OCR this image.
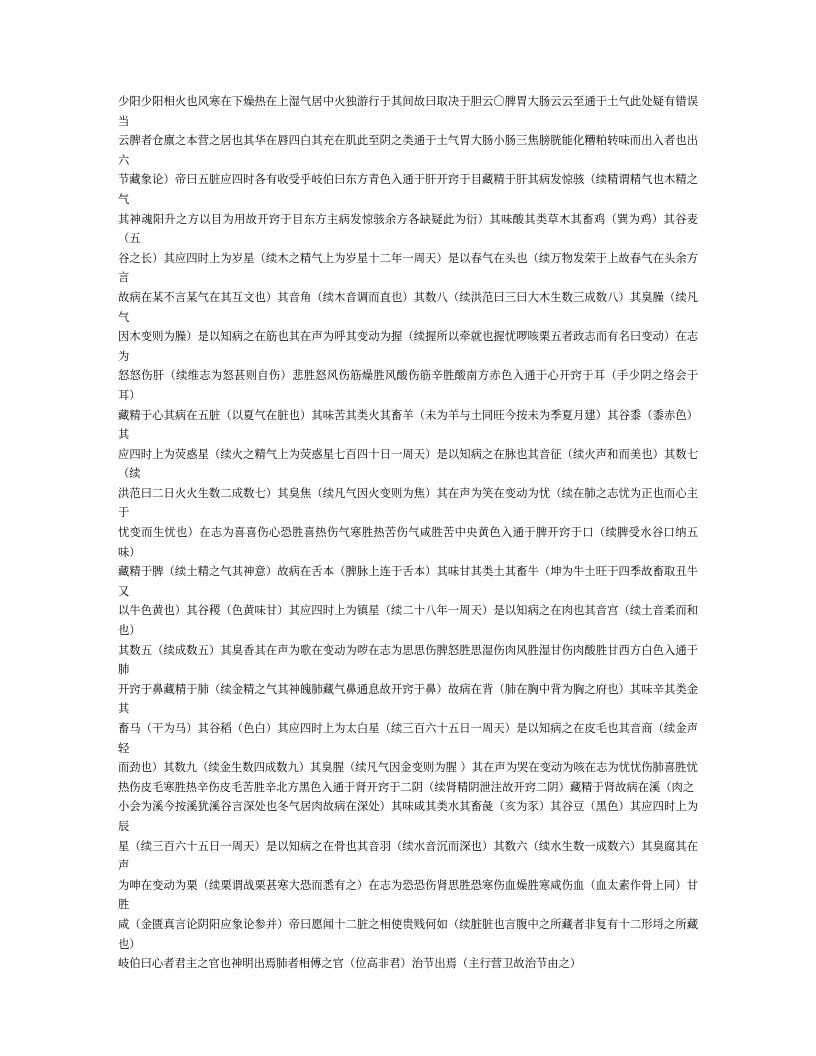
少阳少阳相火也风寒在下燥热在上湿气居中火独游行于其间故曰取决于胆云〇脾胃大肠云云至通于土气此处疑有错误当

云脾者仓廪之本营之居也其华在唇四白其充在肌此至阴之类通于土气胃大肠小肠三焦膀胱能化糟粕转味而出入者也出六

节藏象论）帝曰五脏应四时各有收受乎岐伯曰东方青色入通于肝开窍于目藏精于肝其病发惊骇（续精谓精气也木精之气

其神魂阳升之方以目为用故开窍于目东方主病发惊骇余方各缺疑此为衍）其味酸其类草木其畜鸡（巽为鸡）其谷麦（五

谷之长）其应四时上为岁星（续木之精气上为岁星十二年一周天）是以春气在头也（续万物发荣于上故春气在头余方言

故病在某不言某气在其互文也）其音角（续木音调而直也）其数八（续洪范曰三曰大木生数三成数八）其臭臊（续凡气

因木变则为臊）是以知病之在筋也其在声为呼其变动为握（续握所以牵就也握忧啰咳栗五者政志而有名曰变动）在志为

怒怒伤肝（续维志为怒甚则自伤）悲胜怒风伤筋燥胜风酸伤筋辛胜酸南方赤色入通于心开窍于耳（手少阴之络会于耳）

藏精于心其病在五脏（以夏气在脏也）其味苦其类火其畜羊（未为羊与土同旺今按未为季夏月建）其谷黍（黍赤色）其

应四时上为荧惑星（续火之精气上为荧惑星七百四十日一周天）是以知病之在脉也其音征（续火声和而美也）其数七（续

洪范曰二日火火生数二成数七）其臭焦（续凡气因火变则为焦）其在声为笑在变动为忧（续在肺之志忧为正也而心主于

忧变而生忧也）在志为喜喜伤心恐胜喜热伤气寒胜热苦伤气咸胜苦中央黄色入通于脾开窍于口（续脾受水谷口纳五味）

藏精于脾（续土精之气其神意）故病在舌本（脾脉上连于舌本）其味甘其类土其畜牛（坤为牛土旺于四季故畜取丑牛又

以牛色黄也）其谷稷（色黄味甘）其应四时上为镇星（续二十八年一周天）是以知病之在肉也其音宫（续土音柔而和也）

其数五（续成数五）其臭香其在声为歌在变动为哕在志为思思伤脾怒胜思湿伤肉风胜湿甘伤肉酸胜甘西方白色入通于肺

开窍于鼻藏精于肺（续金精之气其神魄肺藏气鼻通息故开窍于鼻）故病在背（肺在胸中背为胸之府也）其味辛其类金其

畜马（干为马）其谷稻（色白）其应四时上为太白星（续三百六十五日一周天）是以知病之在皮毛也其音商（续金声轻

而劲也）其数九（续金生数四成数九）其臭腥（续凡气因金变则为腥 ）其在声为哭在变动为咳在志为忧忧伤肺喜胜忧

热伤皮毛寒胜热辛伤皮毛苦胜辛北方黑色入通于肾开窍于二阴（续肾精阴泄注故开窍二阴）藏精于肾故病在溪（肉之

小会为溪今按溪犹溪谷言深处也冬气居肉故病在深处）其味咸其类水其畜彘（亥为豕）其谷豆（黑色）其应四时上为辰

星（续三百六十五日一周天）是以知病之在骨也其音羽（续水音沉而深也）其数六（续水生数一成数六）其臭腐其在声

为呻在变动为栗（续栗谓战栗甚寒大恐而悉有之）在志为恐恐伤肾思胜恐寒伤血燥胜寒咸伤血（血太素作骨上同）甘胜

咸（金匮真言论阴阳应象论参并）帝曰愿闻十二脏之相使贵贱何如（续脏脏也言腹中之所藏者非复有十二形埒之所藏也）

岐伯曰心者君主之官也神明出焉肺者相傅之官（位高非君）治节出焉（主行营卫故治节由之）
